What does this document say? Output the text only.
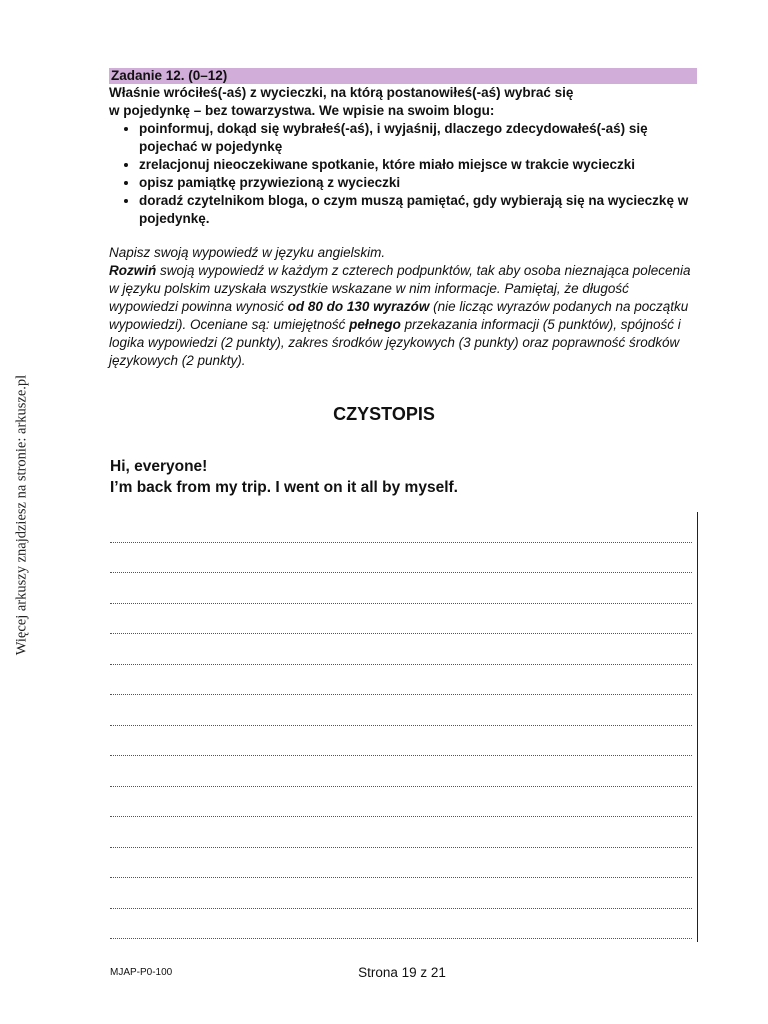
Więcej arkuszy znajdziesz na stronie: arkusze.pl
Zadanie 12. (0–12)

Właśnie wróciłeś(-aś) z wycieczki, na którą postanowiłeś(-aś) wybrać się
w pojedynkę – bez towarzystwa. We wpisie na swoim blogu:

• poinformuj, dokąd się wybrałeś(-aś), i wyjaśnij, dlaczego zdecydowałeś(-aś) się pojechać w pojedynkę
• zrelacjonuj nieoczekiwane spotkanie, które miało miejsce w trakcie wycieczki
• opisz pamiątkę przywiezioną z wycieczki
• doradź czytelnikom bloga, o czym muszą pamiętać, gdy wybierają się na wycieczkę w pojedynkę.

Napisz swoją wypowiedź w języku angielskim.

Rozwiń swoją wypowiedź w każdym z czterech podpunktów, tak aby osoba nieznająca polecenia w języku polskim uzyskała wszystkie wskazane w nim informacje. Pamiętaj, że długość wypowiedzi powinna wynosić od 80 do 130 wyrazów (nie licząc wyrazów podanych na początku wypowiedzi). Oceniane są: umiejętność pełnego przekazania informacji (5 punktów), spójność i logika wypowiedzi (2 punkty), zakres środków językowych (3 punkty) oraz poprawność środków językowych (2 punkty).

CZYSTOPIS

Hi, everyone!

I’m back from my trip. I went on it all by myself.

MJAP-P0-100	Strona 19 z 21
